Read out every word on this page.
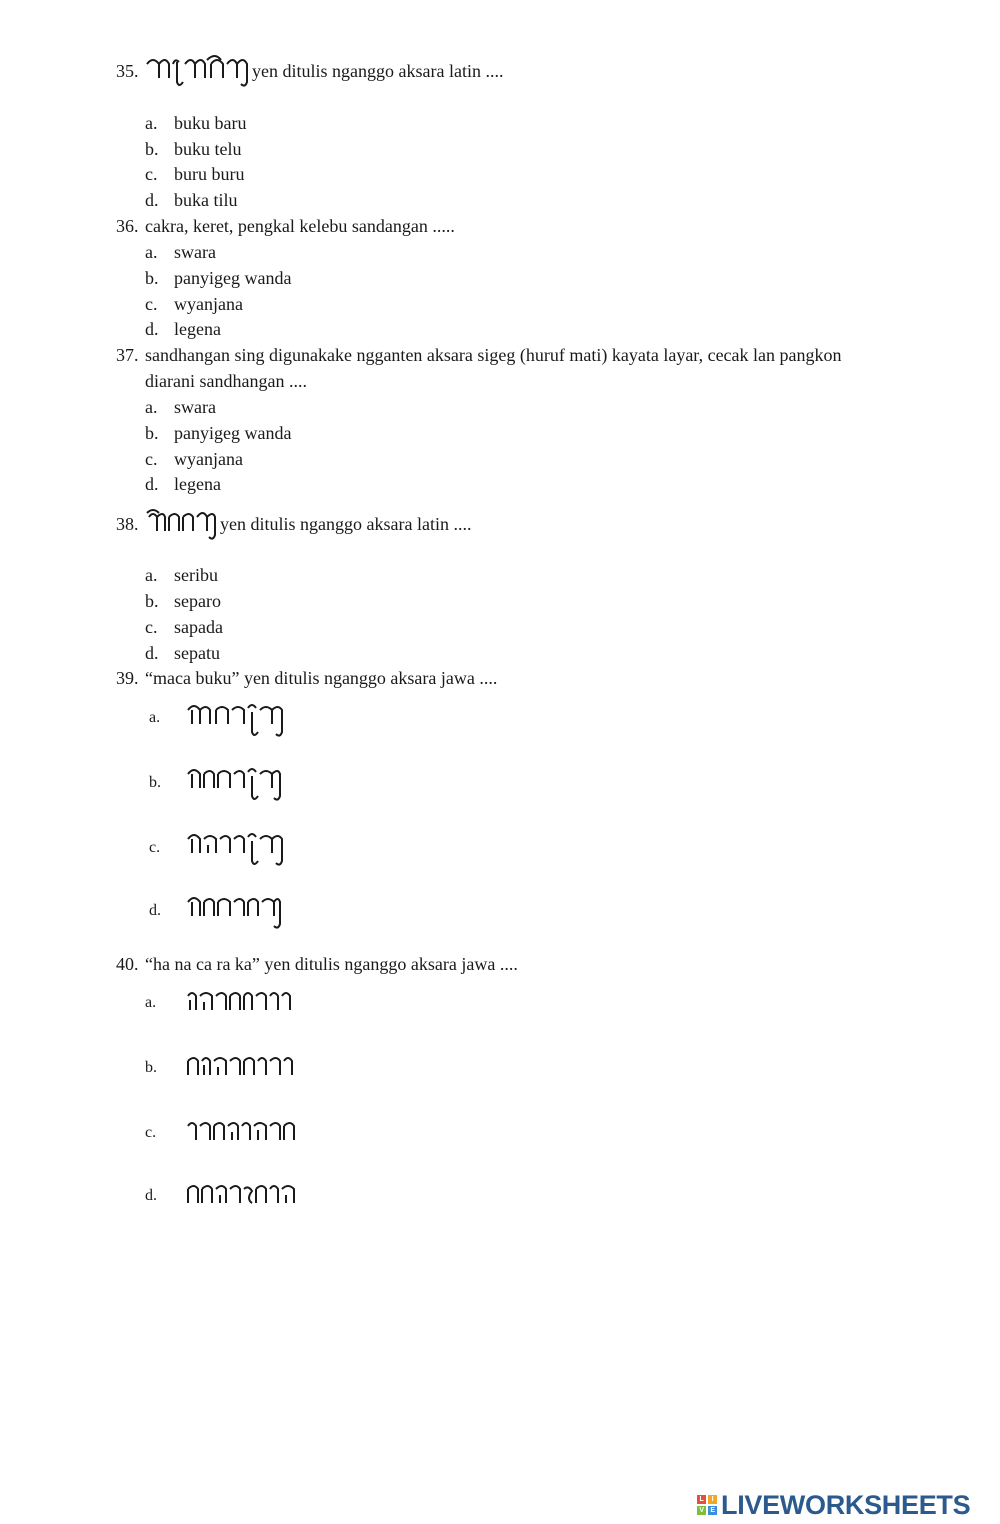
35.	yen ditulis nganggo aksara latin ....
a. buku baru
b. buku telu
c. buru buru
d. buka tilu
36. cakra, keret, pengkal kelebu sandangan .....
a. swara
b. panyigeg wanda
c. wyanjana
d. legena
37. sandhangan sing digunakake ngganten aksara sigeg (huruf mati) kayata layar, cecak lan pangkon
diarani sandhangan ....
a. swara
b. panyigeg wanda
c. wyanjana
d. legena
38.	yen ditulis nganggo aksara latin ....
a. seribu
b. separo
c. sapada
d. sepatu
39. “maca buku” yen ditulis nganggo aksara jawa ....
a.
b.
c.
d.
40. “ha na ca ra ka” yen ditulis nganggo aksara jawa ....
a.
b.
c.
d.
L	I
V E LIVEWORKSHEETS
